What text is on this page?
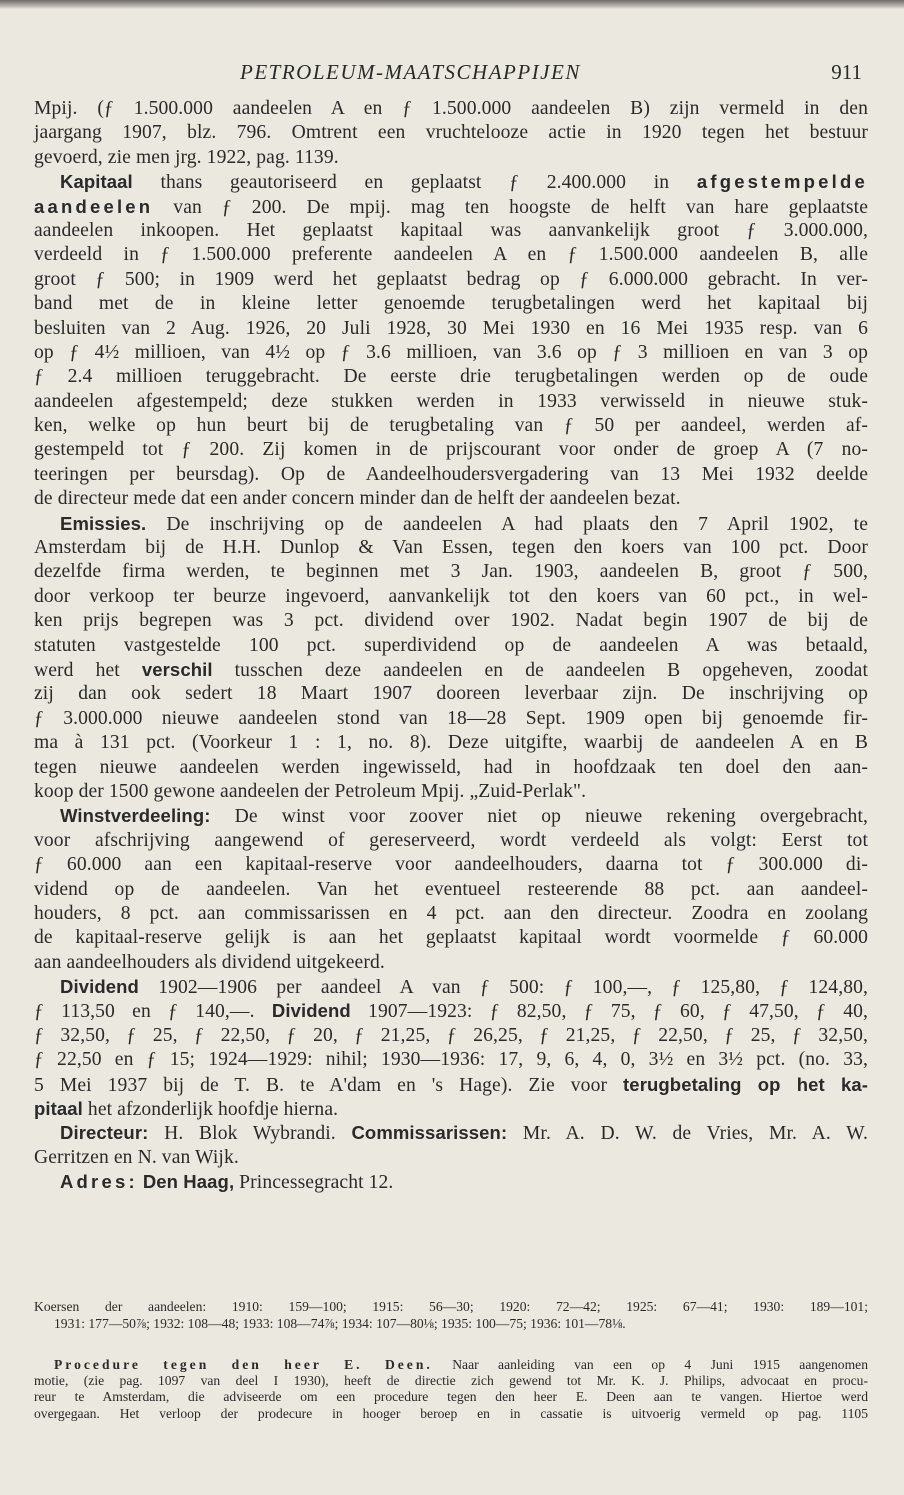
PETROLEUM-MAATSCHAPPIJEN	911
Mpij. (ƒ 1.500.000 aandeelen A en ƒ 1.500.000 aandeelen B) zijn vermeld in den
jaargang 1907, blz. 796. Omtrent een vruchtelooze actie in 1920 tegen het bestuur
gevoerd, zie men jrg. 1922, pag. 1139.
Kapitaal thans geautoriseerd en geplaatst ƒ 2.400.000 in afgestempelde
aandeelen van ƒ 200. De mpij. mag ten hoogste de helft van hare geplaatste
aandeelen inkoopen. Het geplaatst kapitaal was aanvankelijk groot ƒ 3.000.000,
verdeeld in ƒ 1.500.000 preferente aandeelen A en ƒ 1.500.000 aandeelen B, alle
groot ƒ 500; in 1909 werd het geplaatst bedrag op ƒ 6.000.000 gebracht. In ver-
band met de in kleine letter genoemde terugbetalingen werd het kapitaal bij
besluiten van 2 Aug. 1926, 20 Juli 1928, 30 Mei 1930 en 16 Mei 1935 resp. van 6
op ƒ 4½ millioen, van 4½ op ƒ 3.6 millioen, van 3.6 op ƒ 3 millioen en van 3 op
ƒ 2.4 millioen teruggebracht. De eerste drie terugbetalingen werden op de oude
aandeelen afgestempeld; deze stukken werden in 1933 verwisseld in nieuwe stuk-
ken, welke op hun beurt bij de terugbetaling van ƒ 50 per aandeel, werden af-
gestempeld tot ƒ 200. Zij komen in de prijscourant voor onder de groep A (7 no-
teeringen per beursdag). Op de Aandeelhoudersvergadering van 13 Mei 1932 deelde
de directeur mede dat een ander concern minder dan de helft der aandeelen bezat.
Emissies. De inschrijving op de aandeelen A had plaats den 7 April 1902, te
Amsterdam bij de H.H. Dunlop & Van Essen, tegen den koers van 100 pct. Door
dezelfde firma werden, te beginnen met 3 Jan. 1903, aandeelen B, groot ƒ 500,
door verkoop ter beurze ingevoerd, aanvankelijk tot den koers van 60 pct., in wel-
ken prijs begrepen was 3 pct. dividend over 1902. Nadat begin 1907 de bij de
statuten vastgestelde 100 pct. superdividend op de aandeelen A was betaald,
werd het verschil tusschen deze aandeelen en de aandeelen B opgeheven, zoodat
zij dan ook sedert 18 Maart 1907 dooreen leverbaar zijn. De inschrijving op
ƒ 3.000.000 nieuwe aandeelen stond van 18—28 Sept. 1909 open bij genoemde fir-
ma à 131 pct. (Voorkeur 1 : 1, no. 8). Deze uitgifte, waarbij de aandeelen A en B
tegen nieuwe aandeelen werden ingewisseld, had in hoofdzaak ten doel den aan-
koop der 1500 gewone aandeelen der Petroleum Mpij. „Zuid-Perlak".
Winstverdeeling: De winst voor zoover niet op nieuwe rekening overgebracht,
voor afschrijving aangewend of gereserveerd, wordt verdeeld als volgt: Eerst tot
ƒ 60.000 aan een kapitaal-reserve voor aandeelhouders, daarna tot ƒ 300.000 di-
vidend op de aandeelen. Van het eventueel resteerende 88 pct. aan aandeel-
houders, 8 pct. aan commissarissen en 4 pct. aan den directeur. Zoodra en zoolang
de kapitaal-reserve gelijk is aan het geplaatst kapitaal wordt voormelde ƒ 60.000
aan aandeelhouders als dividend uitgekeerd.
Dividend 1902—1906 per aandeel A van ƒ 500: ƒ 100,—, ƒ 125,80, ƒ 124,80,
ƒ 113,50 en ƒ 140,—. Dividend 1907—1923: ƒ 82,50, ƒ 75, ƒ 60, ƒ 47,50, ƒ 40,
ƒ 32,50, ƒ 25, ƒ 22,50, ƒ 20, ƒ 21,25, ƒ 26,25, ƒ 21,25, ƒ 22,50, ƒ 25, ƒ 32,50,
ƒ 22,50 en ƒ 15; 1924—1929: nihil; 1930—1936: 17, 9, 6, 4, 0, 3½ en 3½ pct. (no. 33,
5 Mei 1937 bij de T. B. te A'dam en 's Hage). Zie voor terugbetaling op het ka-
pitaal het afzonderlijk hoofdje hierna.
Directeur: H. Blok Wybrandi. Commissarissen: Mr. A. D. W. de Vries, Mr. A. W.
Gerritzen en N. van Wijk.
Adres: Den Haag, Princessegracht 12.
Koersen der aandeelen: 1910: 159—100; 1915: 56—30; 1920: 72—42; 1925: 67—41; 1930: 189—101;
1931: 177—50⅞; 1932: 108—48; 1933: 108—74⅞; 1934: 107—80⅛; 1935: 100—75; 1936: 101—78⅛.
Procedure tegen den heer E. Deen. Naar aanleiding van een op 4 Juni 1915 aangenomen
motie, (zie pag. 1097 van deel I 1930), heeft de directie zich gewend tot Mr. K. J. Philips, advocaat en procu-
reur te Amsterdam, die adviseerde om een procedure tegen den heer E. Deen aan te vangen. Hiertoe werd
overgegaan. Het verloop der prodecure in hooger beroep en in cassatie is uitvoerig vermeld op pag. 1105
